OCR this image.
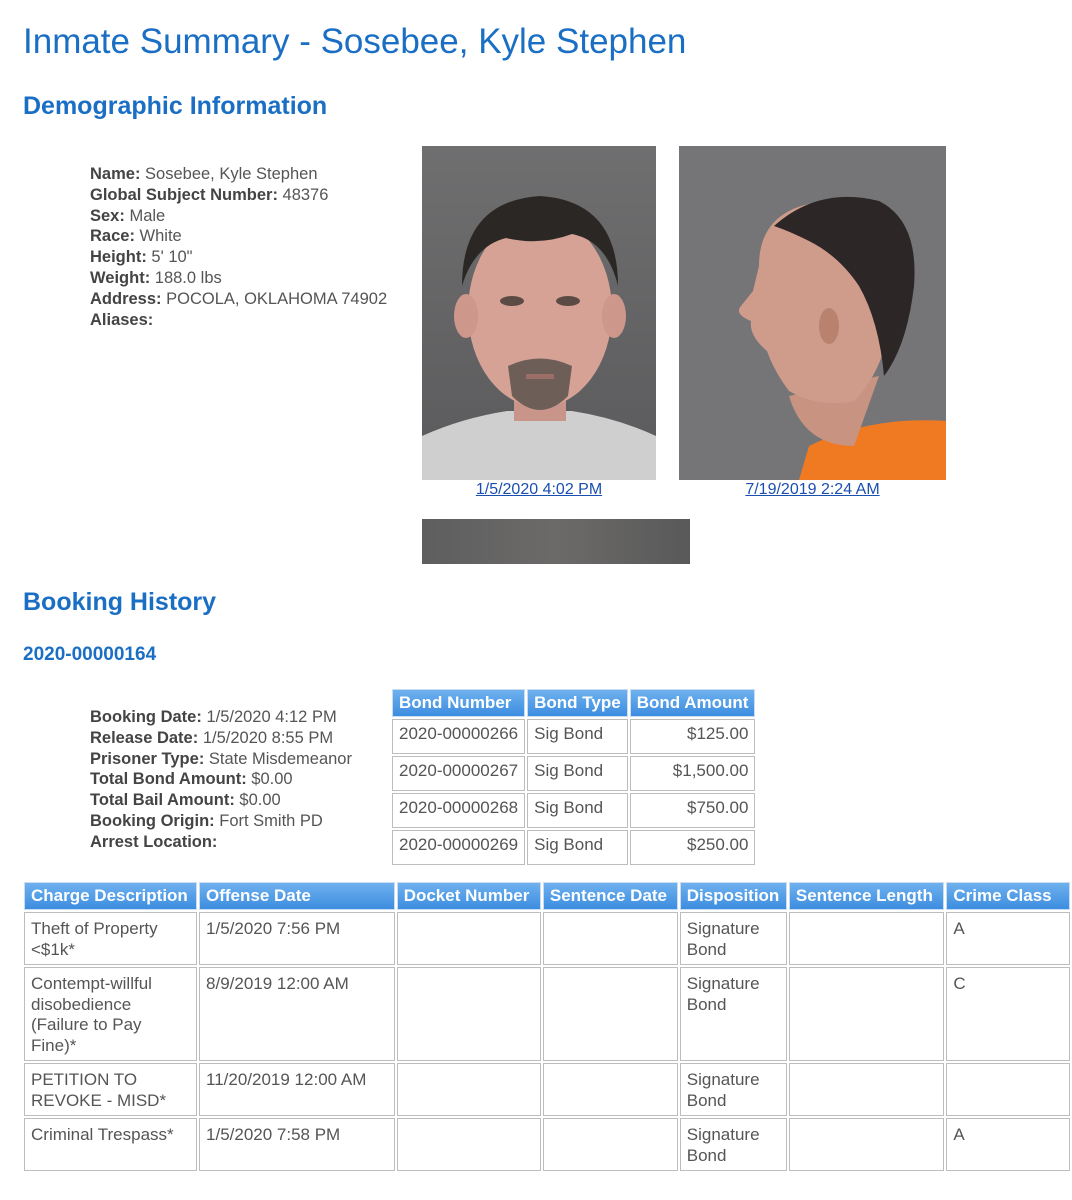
Inmate Summary - Sosebee, Kyle Stephen
Demographic Information
Name: Sosebee, Kyle Stephen
Global Subject Number: 48376
Sex: Male
Race: White
Height: 5' 10"
Weight: 188.0 lbs
Address: POCOLA, OKLAHOMA 74902
Aliases:
1/5/2020 4:02 PM	7/19/2019 2:24 AM
Booking History
2020-00000164
Booking Date: 1/5/2020 4:12 PM
Release Date: 1/5/2020 8:55 PM
Prisoner Type: State Misdemeanor
Total Bond Amount: $0.00
Total Bail Amount: $0.00
Booking Origin: Fort Smith PD
Arrest Location:
Bond Number	Bond Type	Bond Amount
2020-00000266	Sig Bond	$125.00
2020-00000267	Sig Bond	$1,500.00
2020-00000268	Sig Bond	$750.00
2020-00000269	Sig Bond	$250.00
Charge Description	Offense Date	Docket Number	Sentence Date	Disposition	Sentence Length	Crime Class
Theft of Property <$1k*	1/5/2020 7:56 PM			Signature Bond		A
Contempt-willful disobedience (Failure to Pay Fine)*	8/9/2019 12:00 AM			Signature Bond		C
PETITION TO REVOKE - MISD*	11/20/2019 12:00 AM			Signature Bond		
Criminal Trespass*	1/5/2020 7:58 PM			Signature Bond		A
